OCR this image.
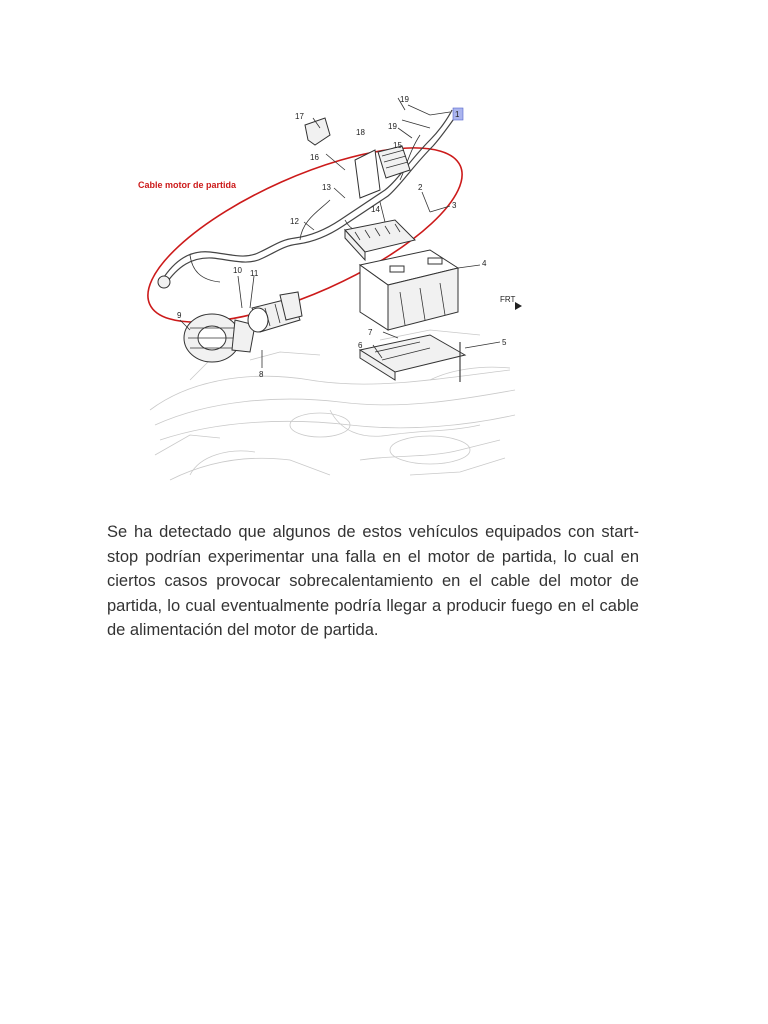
Cable motor de partida
1
2
3
4
5
6
7
8
9
10 11
12
13
14
15
16
17
18
19
19
FRT

Se ha detectado que algunos de estos vehículos equipados con start-stop podrían experimentar una falla en el motor de partida, lo cual en ciertos casos provocar sobrecalentamiento en el cable del motor de partida, lo cual eventualmente podría llegar a producir fuego en el cable de alimentación del motor de partida.
